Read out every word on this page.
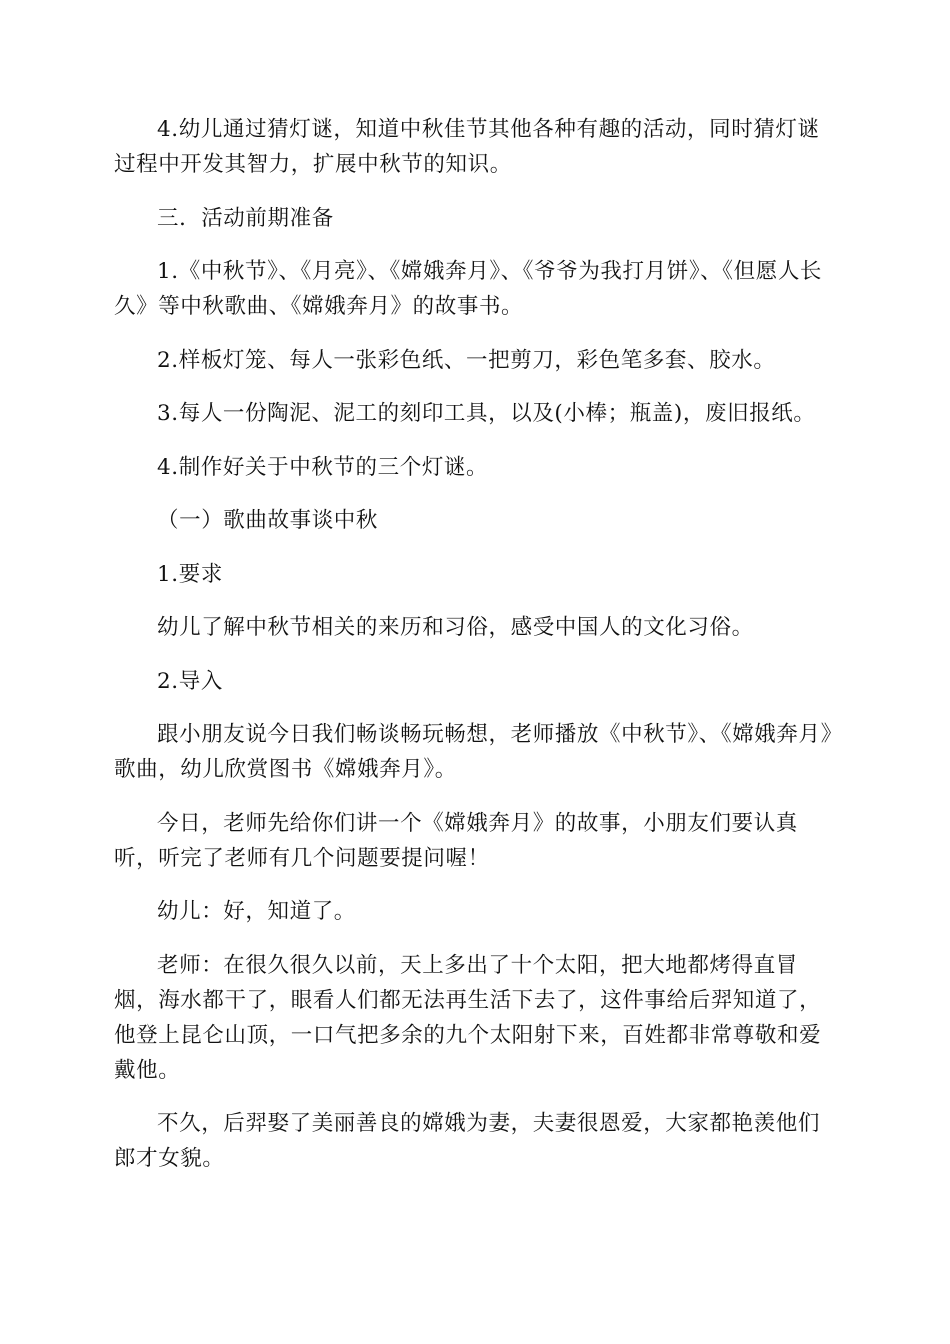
4.幼儿通过猜灯谜，知道中秋佳节其他各种有趣的活动，同时猜灯谜过程中开发其智力，扩展中秋节的知识。

三．活动前期准备

1.《中秋节》、《月亮》、《嫦娥奔月》、《爷爷为我打月饼》、《但愿人长久》等中秋歌曲、《嫦娥奔月》的故事书。

2.样板灯笼、每人一张彩色纸、一把剪刀，彩色笔多套、胶水。

3.每人一份陶泥、泥工的刻印工具，以及(小棒；瓶盖)，废旧报纸。

4.制作好关于中秋节的三个灯谜。

（一）歌曲故事谈中秋

1.要求

幼儿了解中秋节相关的来历和习俗，感受中国人的文化习俗。

2.导入

跟小朋友说今日我们畅谈畅玩畅想，老师播放《中秋节》、《嫦娥奔月》歌曲，幼儿欣赏图书《嫦娥奔月》。

今日，老师先给你们讲一个《嫦娥奔月》的故事，小朋友们要认真听，听完了老师有几个问题要提问喔！

幼儿：好，知道了。

老师：在很久很久以前，天上多出了十个太阳，把大地都烤得直冒烟，海水都干了，眼看人们都无法再生活下去了，这件事给后羿知道了，他登上昆仑山顶，一口气把多余的九个太阳射下来，百姓都非常尊敬和爱戴他。

不久，后羿娶了美丽善良的嫦娥为妻，夫妻很恩爱，大家都艳羡他们郎才女貌。
